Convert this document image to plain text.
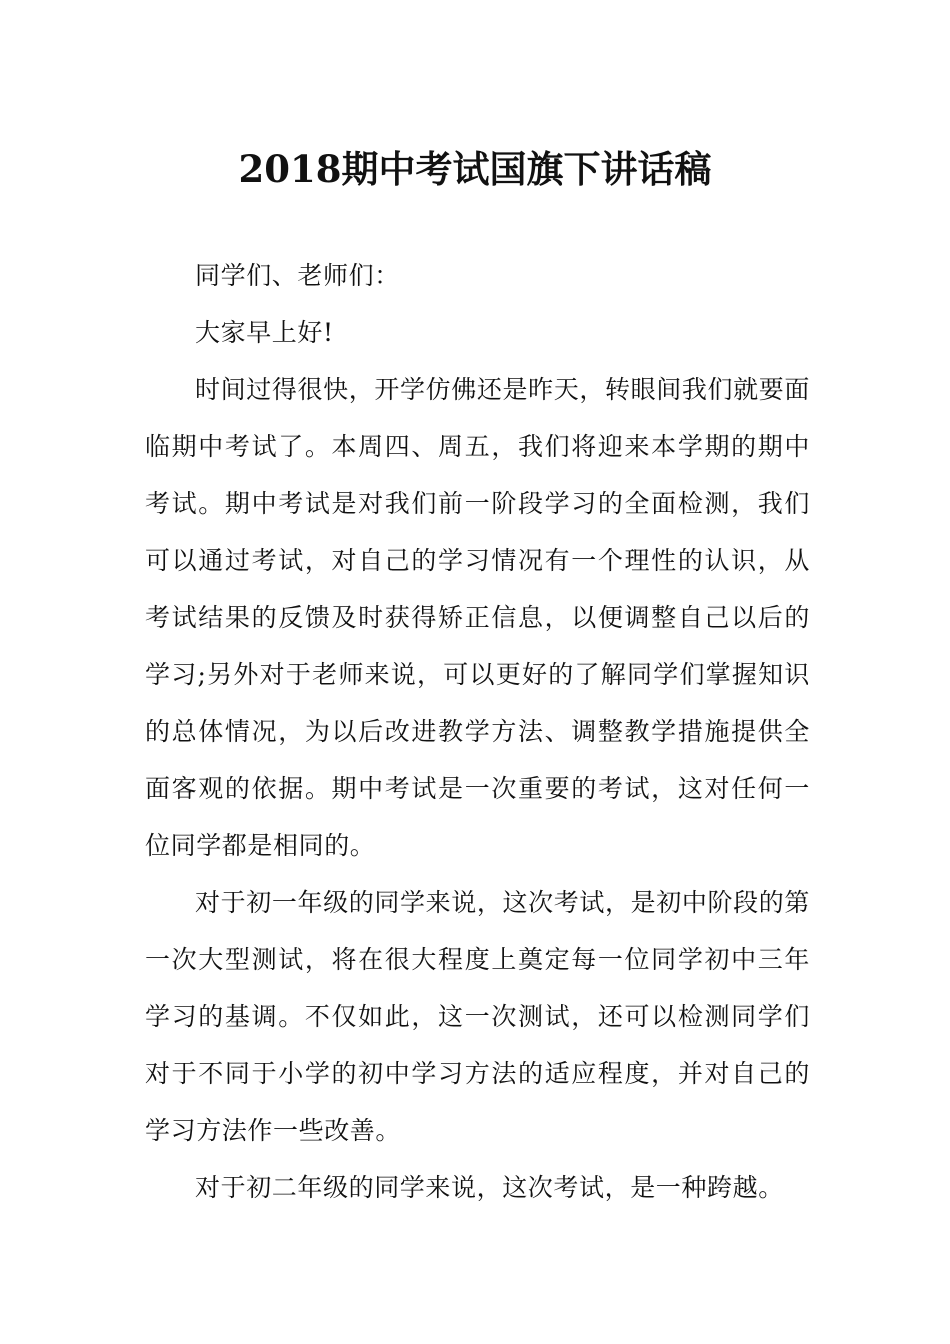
2018期中考试国旗下讲话稿

同学们、老师们：

大家早上好!

时间过得很快，开学仿佛还是昨天，转眼间我们就要面临期中考试了。本周四、周五，我们将迎来本学期的期中考试。期中考试是对我们前一阶段学习的全面检测，我们可以通过考试，对自己的学习情况有一个理性的认识，从考试结果的反馈及时获得矫正信息，以便调整自己以后的学习;另外对于老师来说，可以更好的了解同学们掌握知识的总体情况，为以后改进教学方法、调整教学措施提供全面客观的依据。期中考试是一次重要的考试，这对任何一位同学都是相同的。

对于初一年级的同学来说，这次考试，是初中阶段的第一次大型测试，将在很大程度上奠定每一位同学初中三年学习的基调。不仅如此，这一次测试，还可以检测同学们对于不同于小学的初中学习方法的适应程度，并对自己的学习方法作一些改善。

对于初二年级的同学来说，这次考试，是一种跨越。
